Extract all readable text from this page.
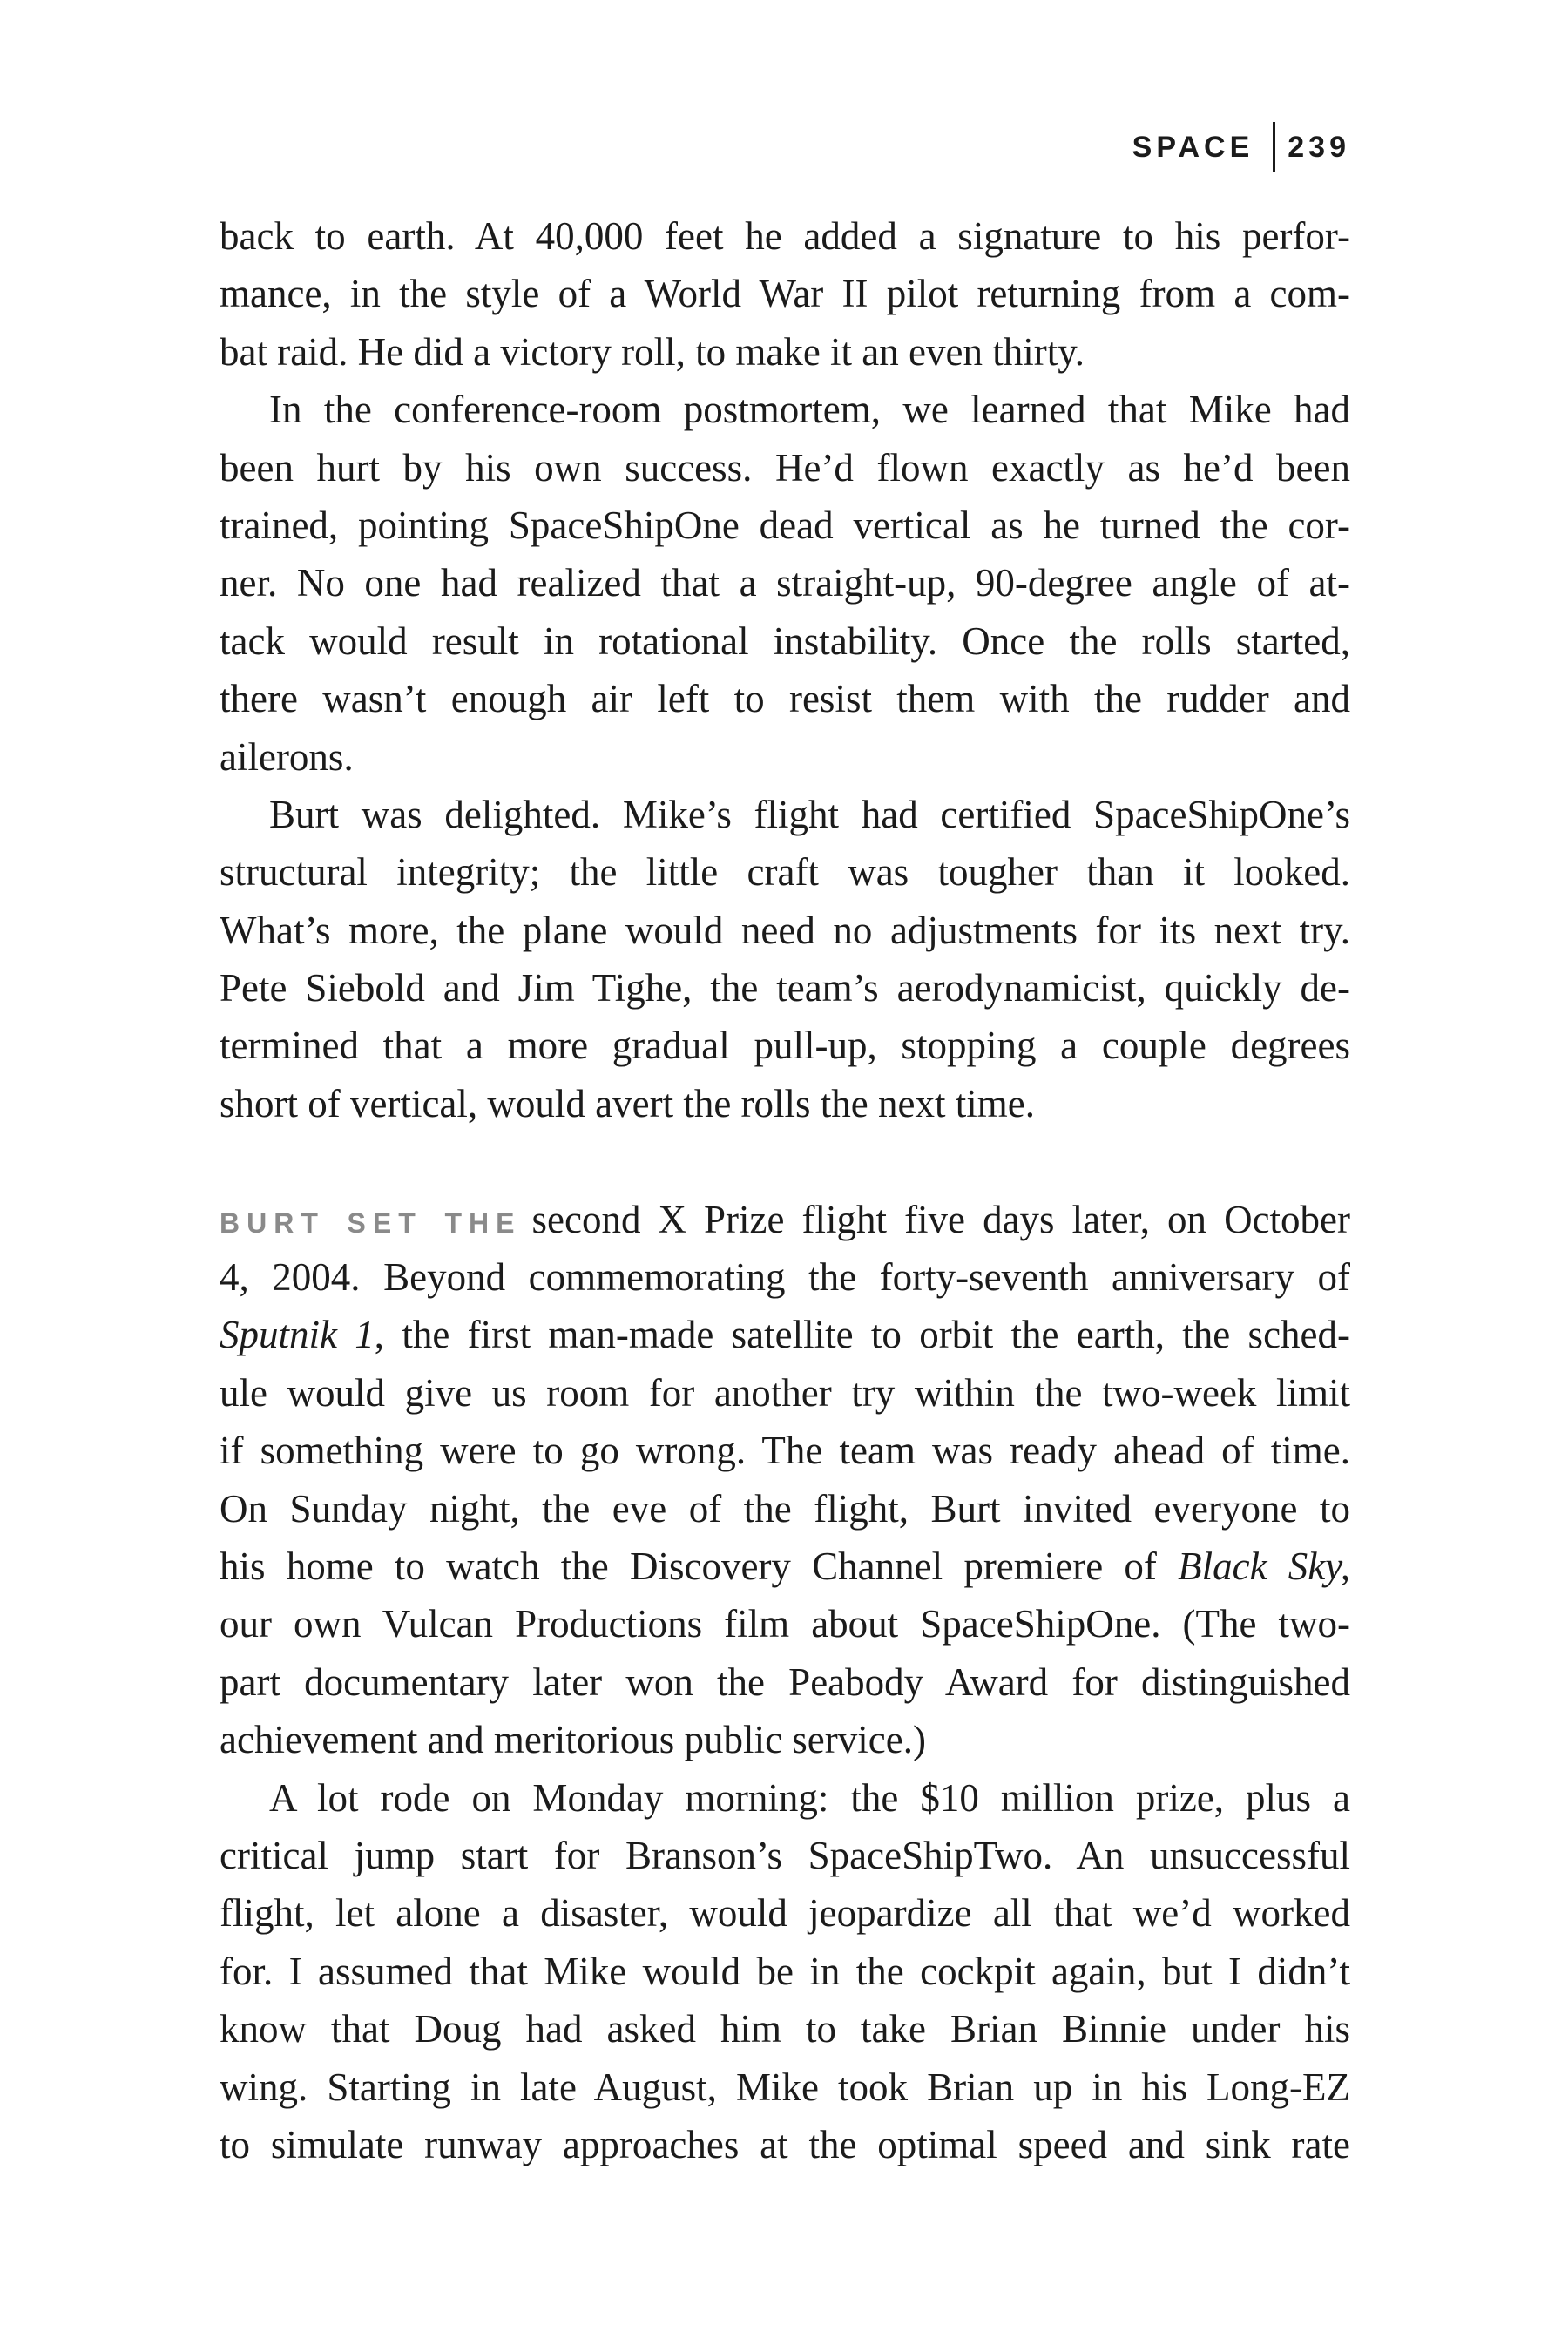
SPACE 239
back to earth. At 40,000 feet he added a signature to his perfor-
mance, in the style of a World War II pilot returning from a com-
bat raid. He did a victory roll, to make it an even thirty.
In the conference-room postmortem, we learned that Mike had
been hurt by his own success. He’d flown exactly as he’d been
trained, pointing SpaceShipOne dead vertical as he turned the cor-
ner. No one had realized that a straight-up, 90-degree angle of at-
tack would result in rotational instability. Once the rolls started,
there wasn’t enough air left to resist them with the rudder and
ailerons.
Burt was delighted. Mike’s flight had certified SpaceShipOne’s
structural integrity; the little craft was tougher than it looked.
What’s more, the plane would need no adjustments for its next try.
Pete Siebold and Jim Tighe, the team’s aerodynamicist, quickly de-
termined that a more gradual pull-up, stopping a couple degrees
short of vertical, would avert the rolls the next time.
BURT SET THE second X Prize flight five days later, on October
4, 2004. Beyond commemorating the forty-seventh anniversary of
Sputnik 1, the first man-made satellite to orbit the earth, the sched-
ule would give us room for another try within the two-week limit
if something were to go wrong. The team was ready ahead of time.
On Sunday night, the eve of the flight, Burt invited everyone to
his home to watch the Discovery Channel premiere of Black Sky,
our own Vulcan Productions film about SpaceShipOne. (The two-
part documentary later won the Peabody Award for distinguished
achievement and meritorious public service.)
A lot rode on Monday morning: the $10 million prize, plus a
critical jump start for Branson’s SpaceShipTwo. An unsuccessful
flight, let alone a disaster, would jeopardize all that we’d worked
for. I assumed that Mike would be in the cockpit again, but I didn’t
know that Doug had asked him to take Brian Binnie under his
wing. Starting in late August, Mike took Brian up in his Long-EZ
to simulate runway approaches at the optimal speed and sink rate
